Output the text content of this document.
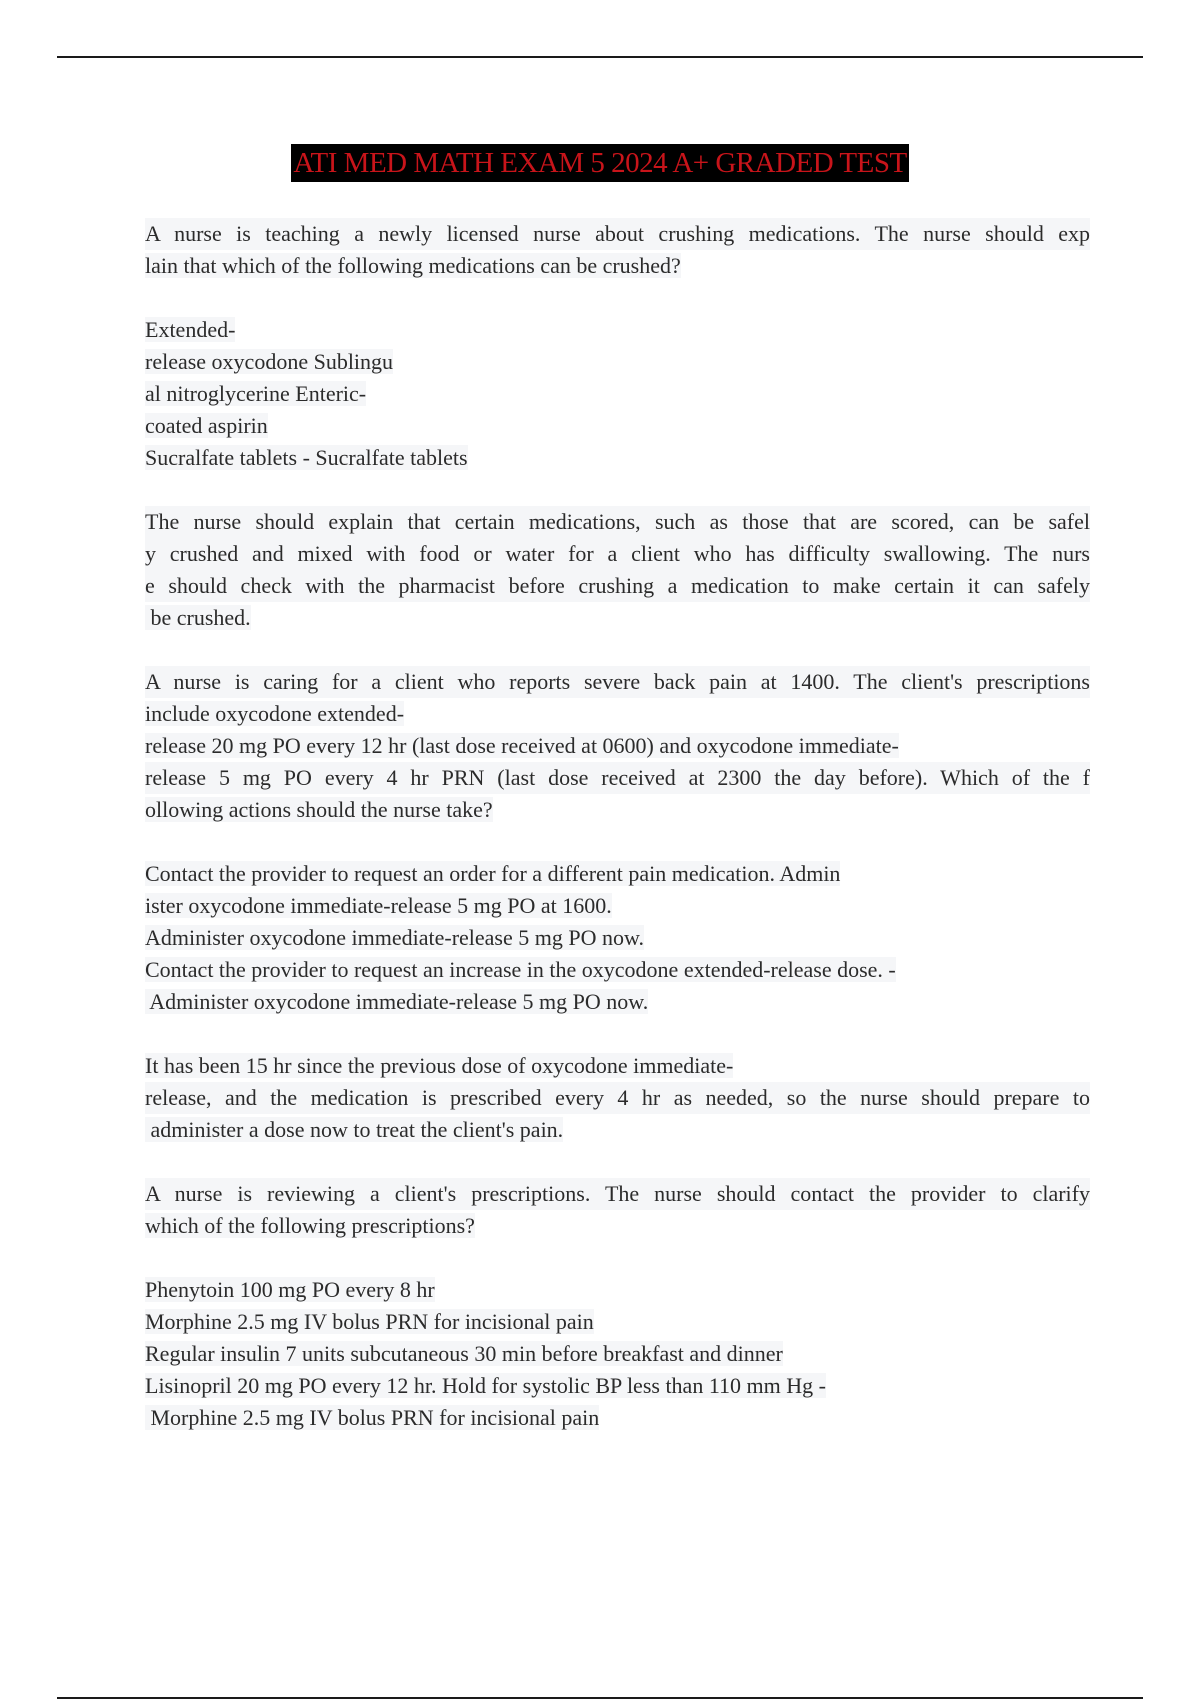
ATI MED MATH EXAM 5 2024 A+ GRADED TEST
A nurse is teaching a newly licensed nurse about crushing medications. The nurse should exp
lain that which of the following medications can be crushed?
Extended-
release oxycodone Sublingu
al nitroglycerine Enteric-
coated aspirin
Sucralfate tablets - Sucralfate tablets
The nurse should explain that certain medications, such as those that are scored, can be safel
y crushed and mixed with food or water for a client who has difficulty swallowing. The nurs
e should check with the pharmacist before crushing a medication to make certain it can safely
be crushed.
A nurse is caring for a client who reports severe back pain at 1400. The client's prescriptions
include oxycodone extended-
release 20 mg PO every 12 hr (last dose received at 0600) and oxycodone immediate-
release 5 mg PO every 4 hr PRN (last dose received at 2300 the day before). Which of the f
ollowing actions should the nurse take?
Contact the provider to request an order for a different pain medication. Admin
ister oxycodone immediate-release 5 mg PO at 1600.
Administer oxycodone immediate-release 5 mg PO now.
Contact the provider to request an increase in the oxycodone extended-release dose. -
Administer oxycodone immediate-release 5 mg PO now.
It has been 15 hr since the previous dose of oxycodone immediate-
release, and the medication is prescribed every 4 hr as needed, so the nurse should prepare to
administer a dose now to treat the client's pain.
A nurse is reviewing a client's prescriptions. The nurse should contact the provider to clarify
which of the following prescriptions?
Phenytoin 100 mg PO every 8 hr
Morphine 2.5 mg IV bolus PRN for incisional pain
Regular insulin 7 units subcutaneous 30 min before breakfast and dinner
Lisinopril 20 mg PO every 12 hr. Hold for systolic BP less than 110 mm Hg -
Morphine 2.5 mg IV bolus PRN for incisional pain
